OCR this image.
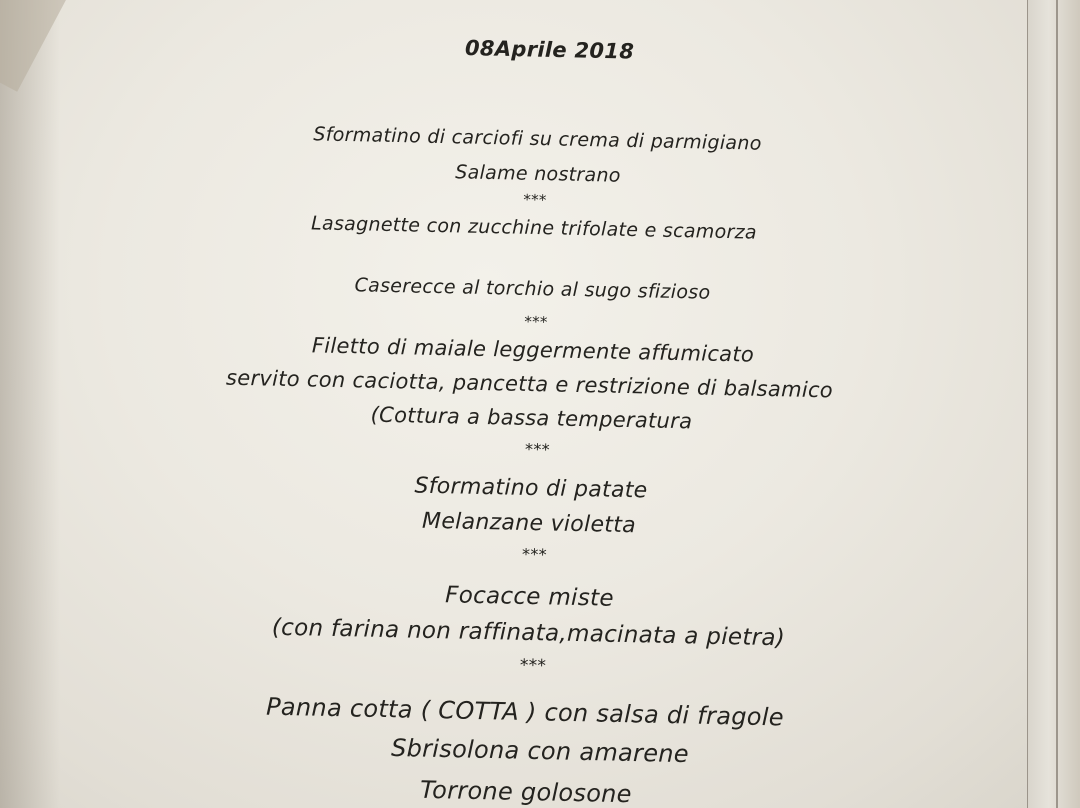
08Aprile 2018
Sformatino di carciofi su crema di parmigiano
Salame nostrano
***
Lasagnette con zucchine trifolate e scamorza
Caserecce al torchio al sugo sfizioso
***
Filetto di maiale leggermente affumicato
servito con caciotta, pancetta e restrizione di balsamico
(Cottura a bassa temperatura
***
Sformatino di patate
Melanzane violetta
***
Focacce miste
(con farina non raffinata,macinata a pietra)
***
Panna cotta ( COTTA ) con salsa di fragole
Sbrisolona con amarene
Torrone golosone
